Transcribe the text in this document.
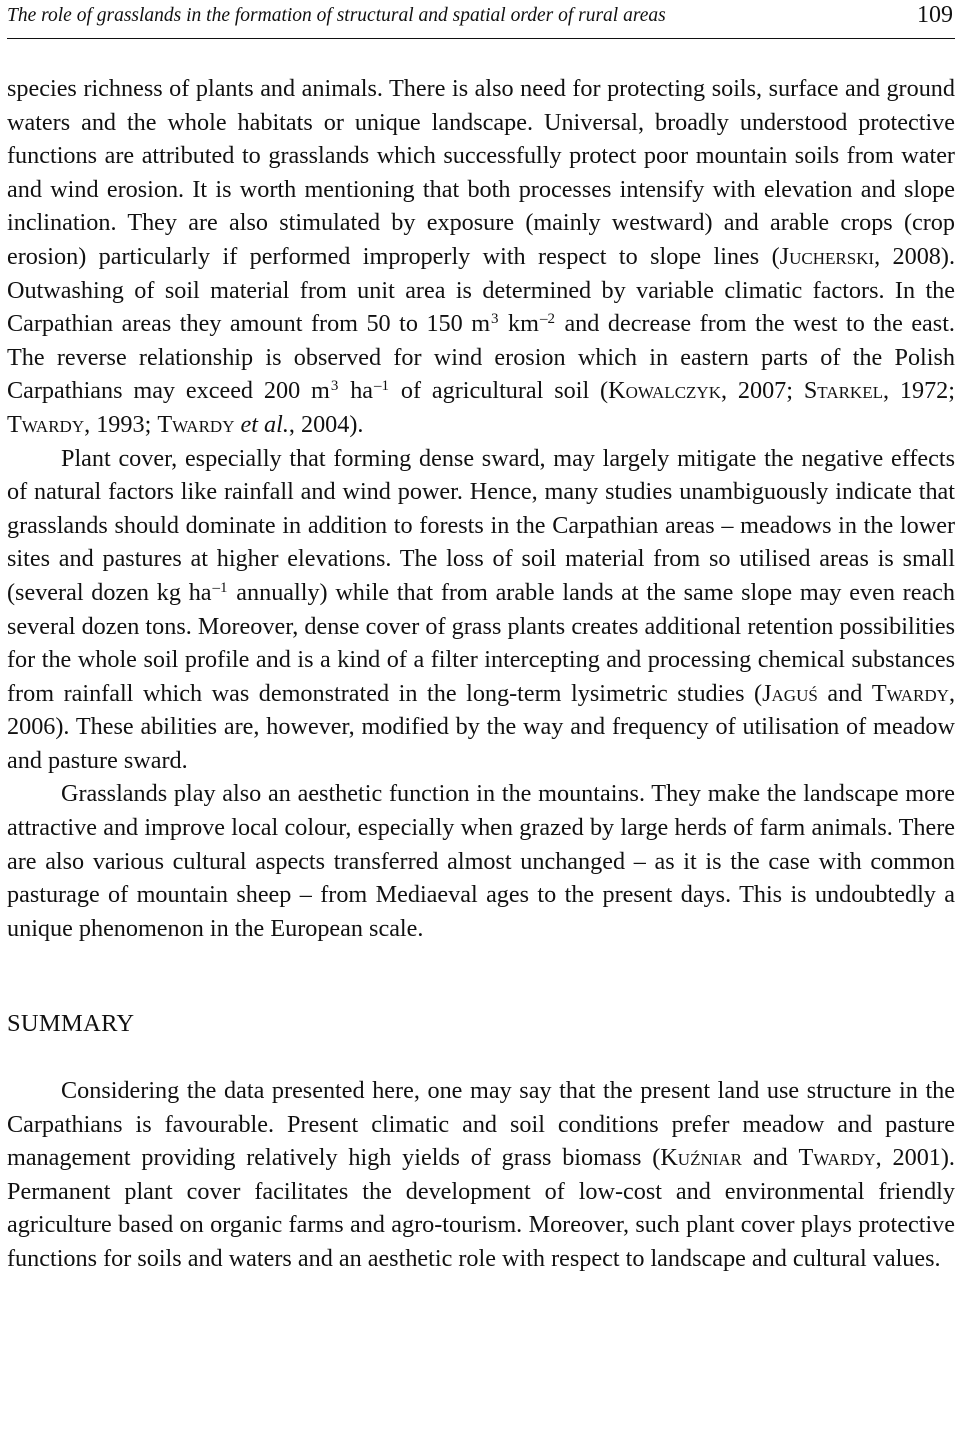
The role of grasslands in the formation of structural and spatial order of rural areas	109

species richness of plants and animals. There is also need for protecting soils, surface and ground waters and the whole habitats or unique landscape. Universal, broadly understood protective functions are attributed to grasslands which successfully protect poor mountain soils from water and wind erosion. It is worth mentioning that both processes intensify with elevation and slope inclination. They are also stimulated by exposure (mainly westward) and arable crops (crop erosion) particularly if performed improperly with respect to slope lines (Jucherski, 2008). Outwashing of soil material from unit area is determined by variable climatic factors. In the Carpathian areas they amount from 50 to 150 $m^3$ $km^{-2}$ and decrease from the west to the east. The reverse relationship is observed for wind erosion which in eastern parts of the Polish Carpathians may exceed 200 $m^3$ $ha^{-1}$ of agricultural soil (Kowalczyk, 2007; Starkel, 1972; Twardy, 1993; Twardy et al., 2004).

Plant cover, especially that forming dense sward, may largely mitigate the negative effects of natural factors like rainfall and wind power. Hence, many studies unambiguously indicate that grasslands should dominate in addition to forests in the Carpathian areas – meadows in the lower sites and pastures at higher elevations. The loss of soil material from so utilised areas is small (several dozen kg $ha^{-1}$ annually) while that from arable lands at the same slope may even reach several dozen tons. Moreover, dense cover of grass plants creates additional retention possibilities for the whole soil profile and is a kind of a filter intercepting and processing chemical substances from rainfall which was demonstrated in the long-term lysimetric studies (Jaguś and Twardy, 2006). These abilities are, however, modified by the way and frequency of utilisation of meadow and pasture sward.

Grasslands play also an aesthetic function in the mountains. They make the landscape more attractive and improve local colour, especially when grazed by large herds of farm animals. There are also various cultural aspects transferred almost unchanged – as it is the case with common pasturage of mountain sheep – from Mediaeval ages to the present days. This is undoubtedly a unique phenomenon in the European scale.

SUMMARY

Considering the data presented here, one may say that the present land use structure in the Carpathians is favourable. Present climatic and soil conditions prefer meadow and pasture management providing relatively high yields of grass biomass (Kuźniar and Twardy, 2001). Permanent plant cover facilitates the development of low-cost and environmental friendly agriculture based on organic farms and agro-tourism. Moreover, such plant cover plays protective functions for soils and waters and an aesthetic role with respect to landscape and cultural values.
